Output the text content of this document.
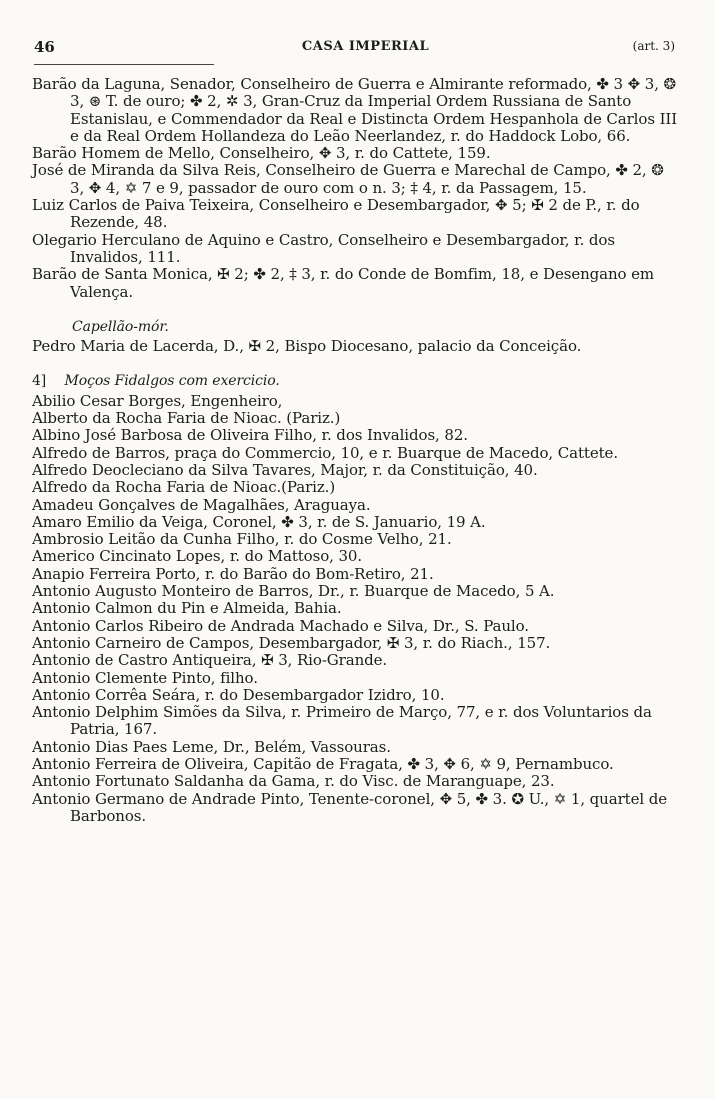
46	CASA IMPERIAL	(art. 3)
Barão da Laguna, Senador, Conselheiro de Guerra e Almirante reformado, ✤ 3 ✥ 3, ❂ 3, ⊛ T. de ouro; ✤ 2, ✲ 3, Gran-Cruz da Imperial Ordem Russiana de Santo Estanislau, e Commendador da Real e Distincta Ordem Hespanhola de Carlos III e da Real Ordem Hollandeza do Leão Neerlandez, r. do Haddock Lobo, 66.
Barão Homem de Mello, Conselheiro, ✥ 3, r. do Cattete, 159.
José de Miranda da Silva Reis, Conselheiro de Guerra e Marechal de Campo, ✤ 2, ❂ 3, ✥ 4, ✡ 7 e 9, passador de ouro com o n. 3; ‡ 4, r. da Passagem, 15.
Luiz Carlos de Paiva Teixeira, Conselheiro e Desembargador, ✥ 5; ✠ 2 de P., r. do Rezende, 48.
Olegario Herculano de Aquino e Castro, Conselheiro e Desembargador, r. dos Invalidos, 111.
Barão de Santa Monica, ✠ 2; ✤ 2, ‡ 3, r. do Conde de Bomfim, 18, e Desengano em Valença.
Capellão-mór.
Pedro Maria de Lacerda, D., ✠ 2, Bispo Diocesano, palacio da Conceição.
4] Moços Fidalgos com exercicio.
Abilio Cesar Borges, Engenheiro,
Alberto da Rocha Faria de Nioac. (Pariz.)
Albino José Barbosa de Oliveira Filho, r. dos Invalidos, 82.
Alfredo de Barros, praça do Commercio, 10, e r. Buarque de Macedo, Cattete.
Alfredo Deocleciano da Silva Tavares, Major, r. da Constituição, 40.
Alfredo da Rocha Faria de Nioac.(Pariz.)
Amadeu Gonçalves de Magalhães, Araguaya.
Amaro Emilio da Veiga, Coronel, ✤ 3, r. de S. Januario, 19 A.
Ambrosio Leitão da Cunha Filho, r. do Cosme Velho, 21.
Americo Cincinato Lopes, r. do Mattoso, 30.
Anapio Ferreira Porto, r. do Barão do Bom-Retiro, 21.
Antonio Augusto Monteiro de Barros, Dr., r. Buarque de Macedo, 5 A.
Antonio Calmon du Pin e Almeida, Bahia.
Antonio Carlos Ribeiro de Andrada Machado e Silva, Dr., S. Paulo.
Antonio Carneiro de Campos, Desembargador, ✠ 3, r. do Riach., 157.
Antonio de Castro Antiqueira, ✠ 3, Rio-Grande.
Antonio Clemente Pinto, filho.
Antonio Corrêa Seára, r. do Desembargador Izidro, 10.
Antonio Delphim Simões da Silva, r. Primeiro de Março, 77, e r. dos Voluntarios da Patria, 167.
Antonio Dias Paes Leme, Dr., Belém, Vassouras.
Antonio Ferreira de Oliveira, Capitão de Fragata, ✤ 3, ✥ 6, ✡ 9, Pernambuco.
Antonio Fortunato Saldanha da Gama, r. do Visc. de Maranguape, 23.
Antonio Germano de Andrade Pinto, Tenente-coronel, ✥ 5, ✤ 3. ✪ U., ✡ 1, quartel de Barbonos.
